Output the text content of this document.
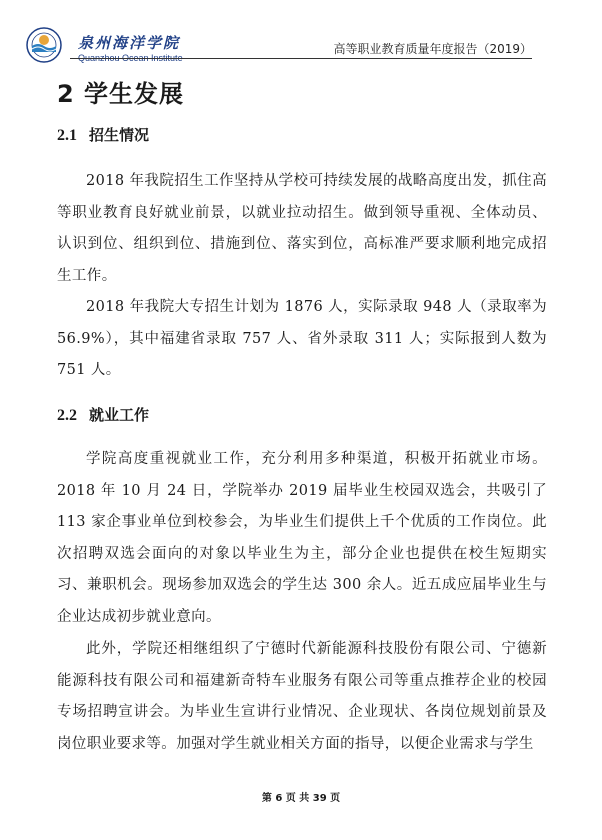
泉州海洋学院
Quanzhou Ocean Institute
高等职业教育质量年度报告（2019）
2 学生发展
2.1 招生情况
2018 年我院招生工作坚持从学校可持续发展的战略高度出发，抓住高等职业教育良好就业前景，以就业拉动招生。做到领导重视、全体动员、认识到位、组织到位、措施到位、落实到位，高标准严要求顺利地完成招生工作。
2018 年我院大专招生计划为 1876 人，实际录取 948 人（录取率为 56.9%），其中福建省录取 757 人、省外录取 311 人；实际报到人数为 751 人。
2.2 就业工作
学院高度重视就业工作，充分利用多种渠道，积极开拓就业市场。2018 年 10 月 24 日，学院举办 2019 届毕业生校园双选会，共吸引了 113 家企事业单位到校参会，为毕业生们提供上千个优质的工作岗位。此次招聘双选会面向的对象以毕业生为主，部分企业也提供在校生短期实习、兼职机会。现场参加双选会的学生达 300 余人。近五成应届毕业生与企业达成初步就业意向。
此外，学院还相继组织了宁德时代新能源科技股份有限公司、宁德新能源科技有限公司和福建新奇特车业服务有限公司等重点推荐企业的校园专场招聘宣讲会。为毕业生宣讲行业情况、企业现状、各岗位规划前景及岗位职业要求等。加强对学生就业相关方面的指导，以便企业需求与学生
第 6 页 共 39 页
